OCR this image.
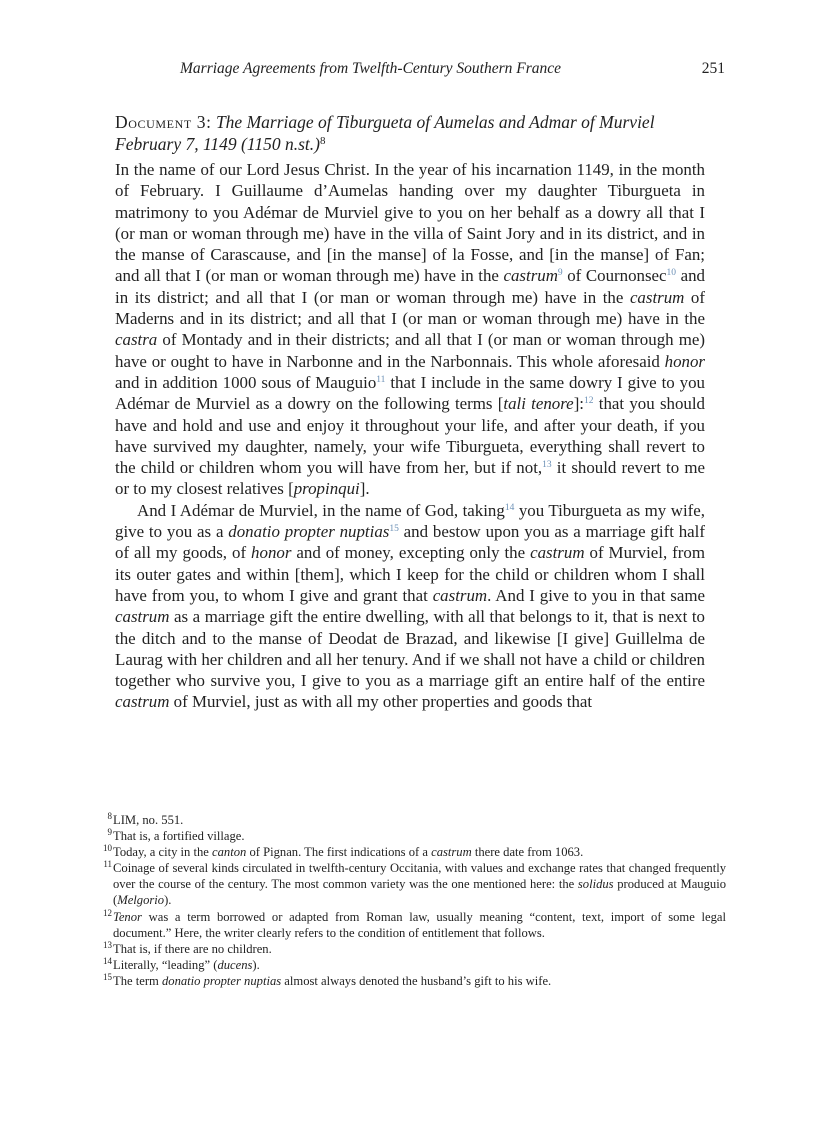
Marriage Agreements from Twelfth-Century Southern France	251
Document 3: The Marriage of Tiburgueta of Aumelas and Admar of Murviel February 7, 1149 (1150 n.st.)$^8$

In the name of our Lord Jesus Christ. In the year of his incarnation 1149, in the month of February. I Guillaume d’Aumelas handing over my daughter Tiburgueta in matrimony to you Adémar de Murviel give to you on her behalf as a dowry all that I (or man or woman through me) have in the villa of Saint Jory and in its district, and in the manse of Carascause, and [in the manse] of la Fosse, and [in the manse] of Fan; and all that I (or man or woman through me) have in the castrum$^9$ of Cournonsec$^{10}$ and in its district; and all that I (or man or woman through me) have in the castrum of Maderns and in its district; and all that I (or man or woman through me) have in the castra of Montady and in their districts; and all that I (or man or woman through me) have or ought to have in Narbonne and in the Narbonnais. This whole aforesaid honor and in addition 1000 sous of Mauguio$^{11}$ that I include in the same dowry I give to you Adémar de Murviel as a dowry on the following terms [tali tenore]:$^{12}$ that you should have and hold and use and enjoy it throughout your life, and after your death, if you have survived my daughter, namely, your wife Tiburgueta, everything shall revert to the child or children whom you will have from her, but if not,$^{13}$ it should revert to me or to my closest relatives [propinqui].

And I Adémar de Murviel, in the name of God, taking$^{14}$ you Tiburgueta as my wife, give to you as a donatio propter nuptias$^{15}$ and bestow upon you as a marriage gift half of all my goods, of honor and of money, excepting only the castrum of Murviel, from its outer gates and within [them], which I keep for the child or children whom I shall have from you, to whom I give and grant that castrum. And I give to you in that same castrum as a marriage gift the entire dwelling, with all that belongs to it, that is next to the ditch and to the manse of Deodat de Brazad, and likewise [I give] Guillelma de Laurag with her children and all her tenury. And if we shall not have a child or children together who survive you, I give to you as a marriage gift an entire half of the entire castrum of Murviel, just as with all my other properties and goods that

8 LIM, no. 551.
9 That is, a fortified village.
10 Today, a city in the canton of Pignan. The first indications of a castrum there date from 1063.
11 Coinage of several kinds circulated in twelfth-century Occitania, with values and exchange rates that changed frequently over the course of the century. The most common variety was the one mentioned here: the solidus produced at Mauguio (Melgorio).
12 Tenor was a term borrowed or adapted from Roman law, usually meaning “content, text, import of some legal document.” Here, the writer clearly refers to the condition of entitlement that follows.
13 That is, if there are no children.
14 Literally, “leading” (ducens).
15 The term donatio propter nuptias almost always denoted the husband’s gift to his wife.
